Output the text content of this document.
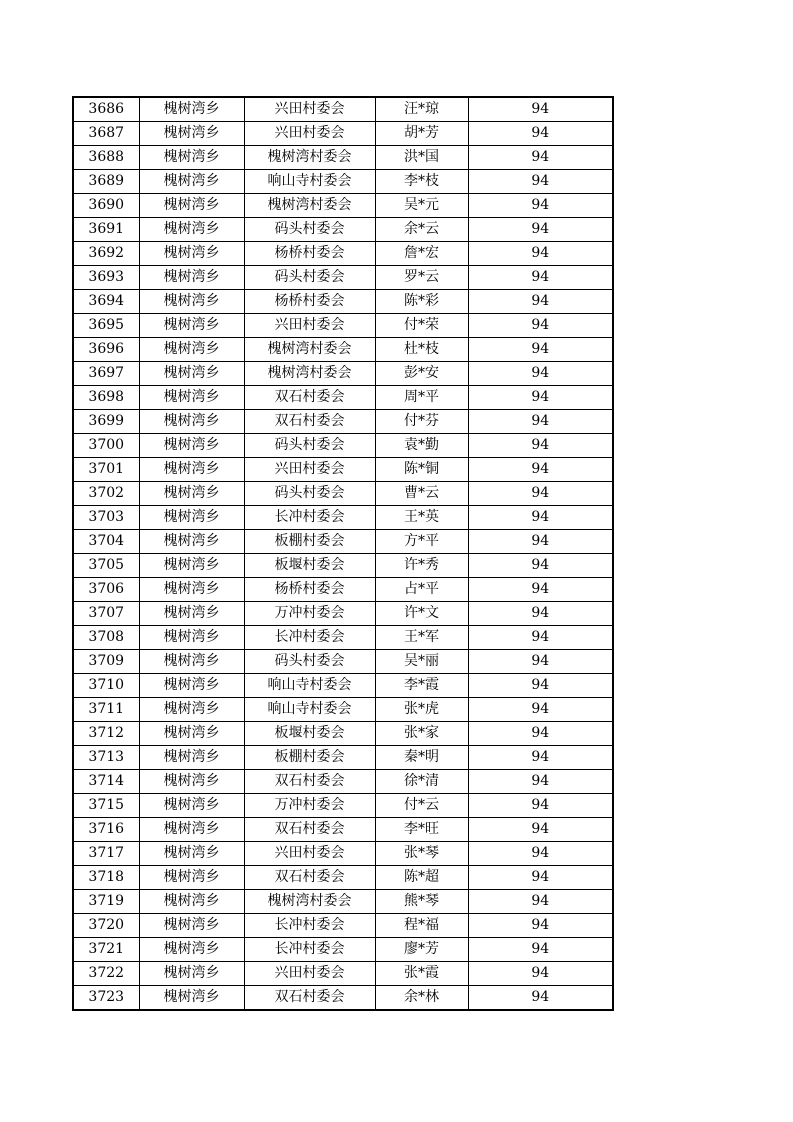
3686	槐树湾乡	兴田村委会	汪*琼	94
3687	槐树湾乡	兴田村委会	胡*芳	94
3688	槐树湾乡	槐树湾村委会	洪*国	94
3689	槐树湾乡	响山寺村委会	李*枝	94
3690	槐树湾乡	槐树湾村委会	吴*元	94
3691	槐树湾乡	码头村委会	余*云	94
3692	槐树湾乡	杨桥村委会	詹*宏	94
3693	槐树湾乡	码头村委会	罗*云	94
3694	槐树湾乡	杨桥村委会	陈*彩	94
3695	槐树湾乡	兴田村委会	付*荣	94
3696	槐树湾乡	槐树湾村委会	杜*枝	94
3697	槐树湾乡	槐树湾村委会	彭*安	94
3698	槐树湾乡	双石村委会	周*平	94
3699	槐树湾乡	双石村委会	付*芬	94
3700	槐树湾乡	码头村委会	袁*勤	94
3701	槐树湾乡	兴田村委会	陈*铜	94
3702	槐树湾乡	码头村委会	曹*云	94
3703	槐树湾乡	长冲村委会	王*英	94
3704	槐树湾乡	板棚村委会	方*平	94
3705	槐树湾乡	板堰村委会	许*秀	94
3706	槐树湾乡	杨桥村委会	占*平	94
3707	槐树湾乡	万冲村委会	许*文	94
3708	槐树湾乡	长冲村委会	王*军	94
3709	槐树湾乡	码头村委会	吴*丽	94
3710	槐树湾乡	响山寺村委会	李*霞	94
3711	槐树湾乡	响山寺村委会	张*虎	94
3712	槐树湾乡	板堰村委会	张*家	94
3713	槐树湾乡	板棚村委会	秦*明	94
3714	槐树湾乡	双石村委会	徐*清	94
3715	槐树湾乡	万冲村委会	付*云	94
3716	槐树湾乡	双石村委会	李*旺	94
3717	槐树湾乡	兴田村委会	张*琴	94
3718	槐树湾乡	双石村委会	陈*超	94
3719	槐树湾乡	槐树湾村委会	熊*琴	94
3720	槐树湾乡	长冲村委会	程*福	94
3721	槐树湾乡	长冲村委会	廖*芳	94
3722	槐树湾乡	兴田村委会	张*霞	94
3723	槐树湾乡	双石村委会	余*林	94
